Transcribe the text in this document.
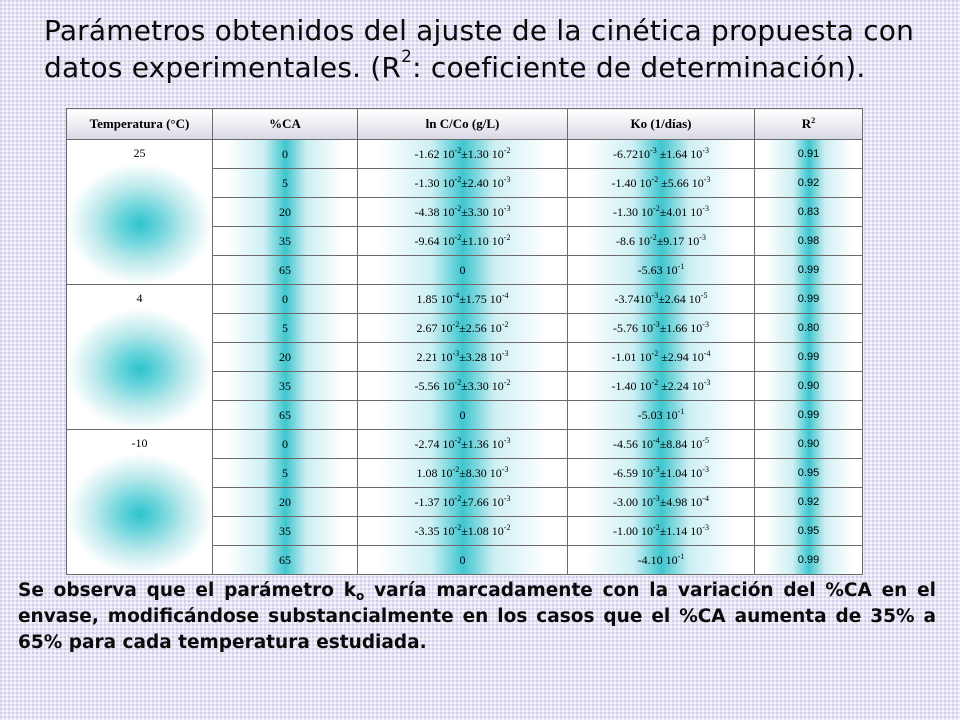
Parámetros obtenidos del ajuste de la cinética propuesta con
datos experimentales. ($R^2$: coeficiente de determinación).
Temperatura (°C)	%CA	ln C/Co (g/L)	Ko (1/días)	$R^2$
25	0	-1.62 $10^{-2}\pm 1.30$ $10^{-2}$	$-6.7210^{-3} \pm 1.64$ $10^{-3}$	0.91
	5	-1.30 $10^{-2}\pm 2.40$ $10^{-3}$	-1.40 $10^{-2} \pm 5.66$ $10^{-3}$	0.92
	20	-4.38 $10^{-2}\pm 3.30$ $10^{-3}$	-1.30 $10^{-2}\pm 4.01$ $10^{-3}$	0.83
	35	-9.64 $10^{-2}\pm 1.10$ $10^{-2}$	-8.6 $10^{-2}\pm 9.17$ $10^{-3}$	0.98
	65	0	-5.63 $10^{-1}$	0.99
4	0	1.85 $10^{-4}\pm 1.75$ $10^{-4}$	$-3.7410^{-3}\pm 2.64$ $10^{-5}$	0.99
	5	2.67 $10^{-2}\pm 2.56$ $10^{-2}$	-5.76 $10^{-3}\pm 1.66$ $10^{-3}$	0.80
	20	2.21 $10^{-3}\pm 3.28$ $10^{-3}$	-1.01 $10^{-2} \pm 2.94$ $10^{-4}$	0.99
	35	-5.56 $10^{-2}\pm 3.30$ $10^{-2}$	-1.40 $10^{-2} \pm 2.24$ $10^{-3}$	0.90
	65	0	-5.03 $10^{-1}$	0.99
-10	0	-2.74 $10^{-2}\pm 1.36$ $10^{-3}$	-4.56 $10^{-4}\pm 8.84$ $10^{-5}$	0.90
	5	1.08 $10^{-2}\pm 8.30$ $10^{-3}$	-6.59 $10^{-3}\pm 1.04$ $10^{-3}$	0.95
	20	-1.37 $10^{-2}\pm 7.66$ $10^{-3}$	-3.00 $10^{-3}\pm 4.98$ $10^{-4}$	0.92
	35	-3.35 $10^{-2}\pm 1.08$ $10^{-2}$	-1.00 $10^{-2}\pm 1.14$ $10^{-3}$	0.95
	65	0	-4.10 $10^{-1}$	0.99
Se observa que el parámetro $k_o$ varía marcadamente con la variación del %CA en el envase, modificándose substancialmente en los casos que el %CA aumenta de 35% a 65% para cada temperatura estudiada.
